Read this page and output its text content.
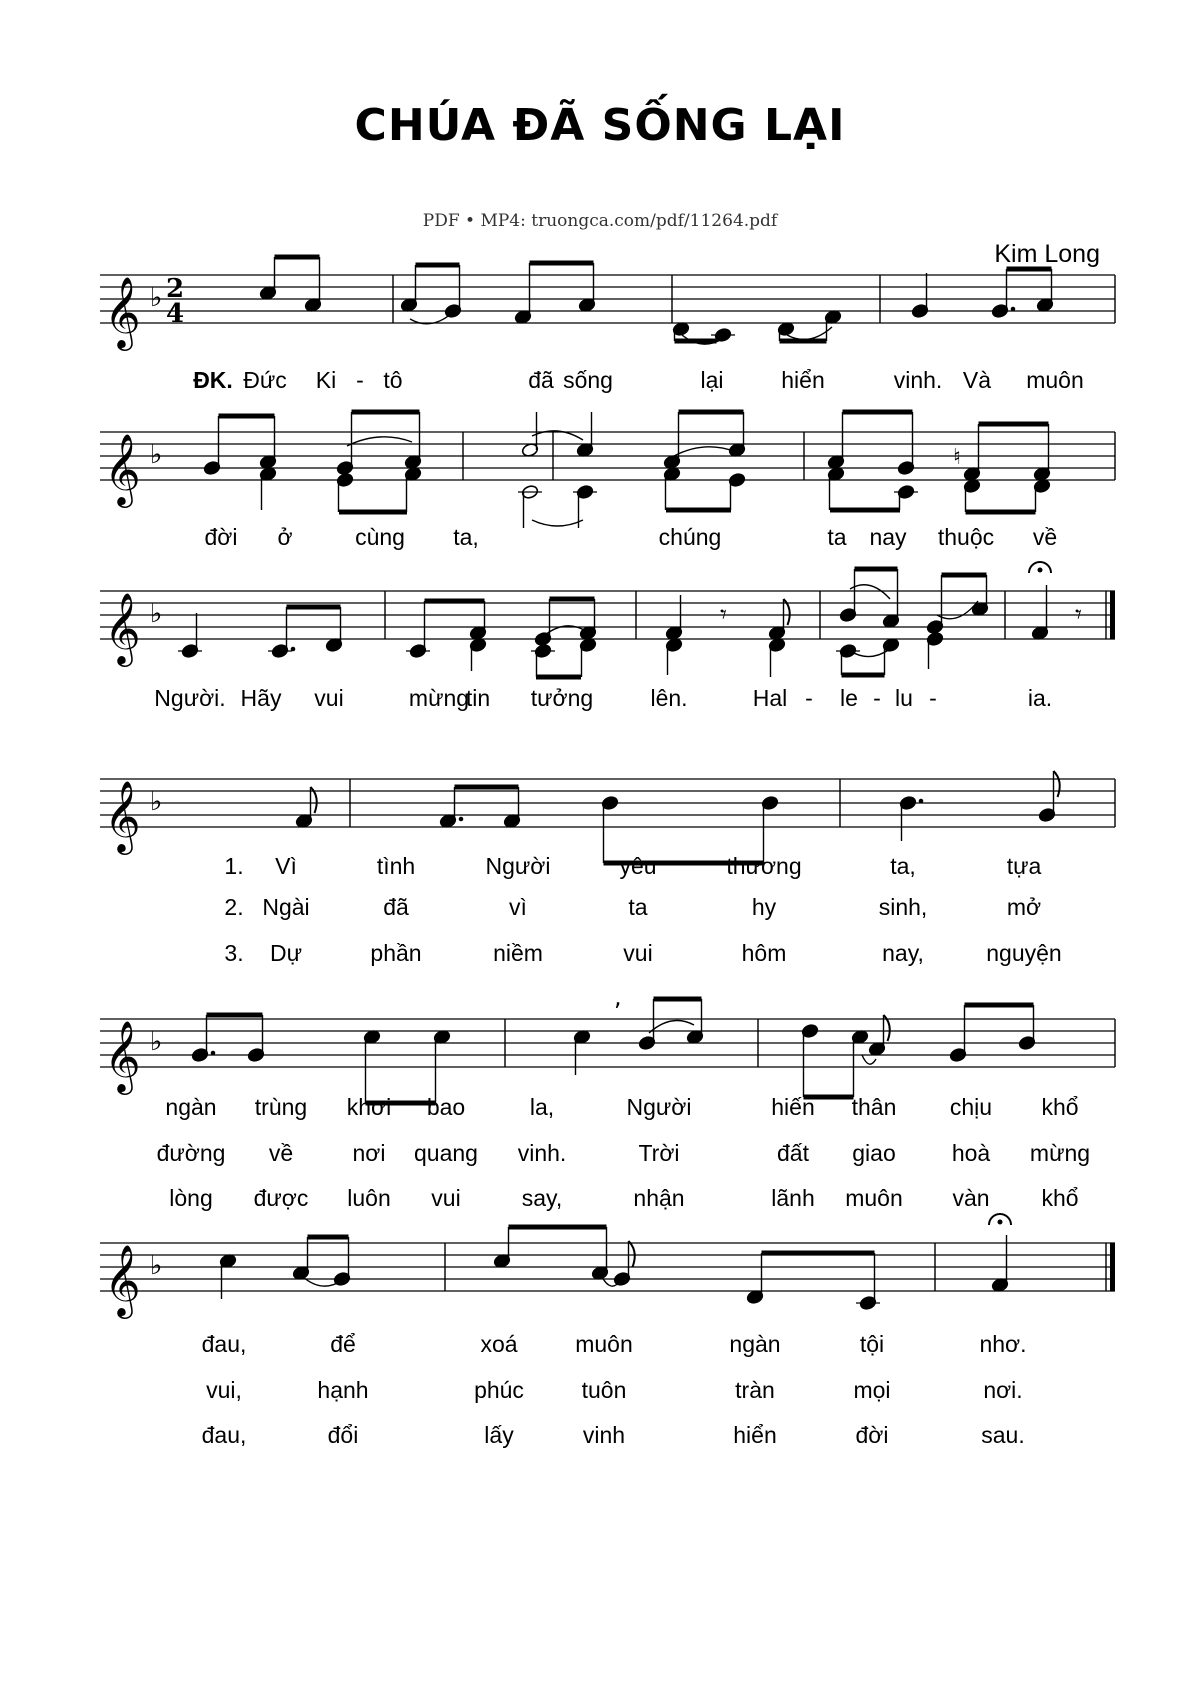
CHÚA ĐÃ SỐNG LẠI
PDF • MP4: truongca.com/pdf/11264.pdf
Kim Long
𝄞 ♭ 2
4
𝄞 ♭
𝄞 ♭
𝄞 ♭
𝄞 ♭
𝄞 ♭
♮
𝄾	𝄾
,
ĐK. Đức Ki - tô	đã sống	lại	hiển	vinh. Và muôn
đời ở	cùng ta,	chúng	ta nay thuộc về
Người. Hãy vui	mừng
tin tưởng lên.	Hal - le - lu -	ia.
1. Vì	tình	Người	yêu	thương	ta,	tựa
2. Ngài	đã	vì	ta	hy	sinh,	mở
3. Dự	phần	niềm	vui	hôm	nay,	nguyện
ngàn trùng khơi bao	la,	Người	hiến thân chịu khổ
đường về	nơi quang vinh.	Trời	đất giao hoà mừng
lòng được luôn vui	say,	nhận	lãnh muôn vàn khổ
đau,	để	xoá	muôn	ngàn	tội	nhơ.
vui,	hạnh	phúc	tuôn	tràn	mọi	nơi.
đau,	đổi	lấy	vinh	hiển	đời	sau.
